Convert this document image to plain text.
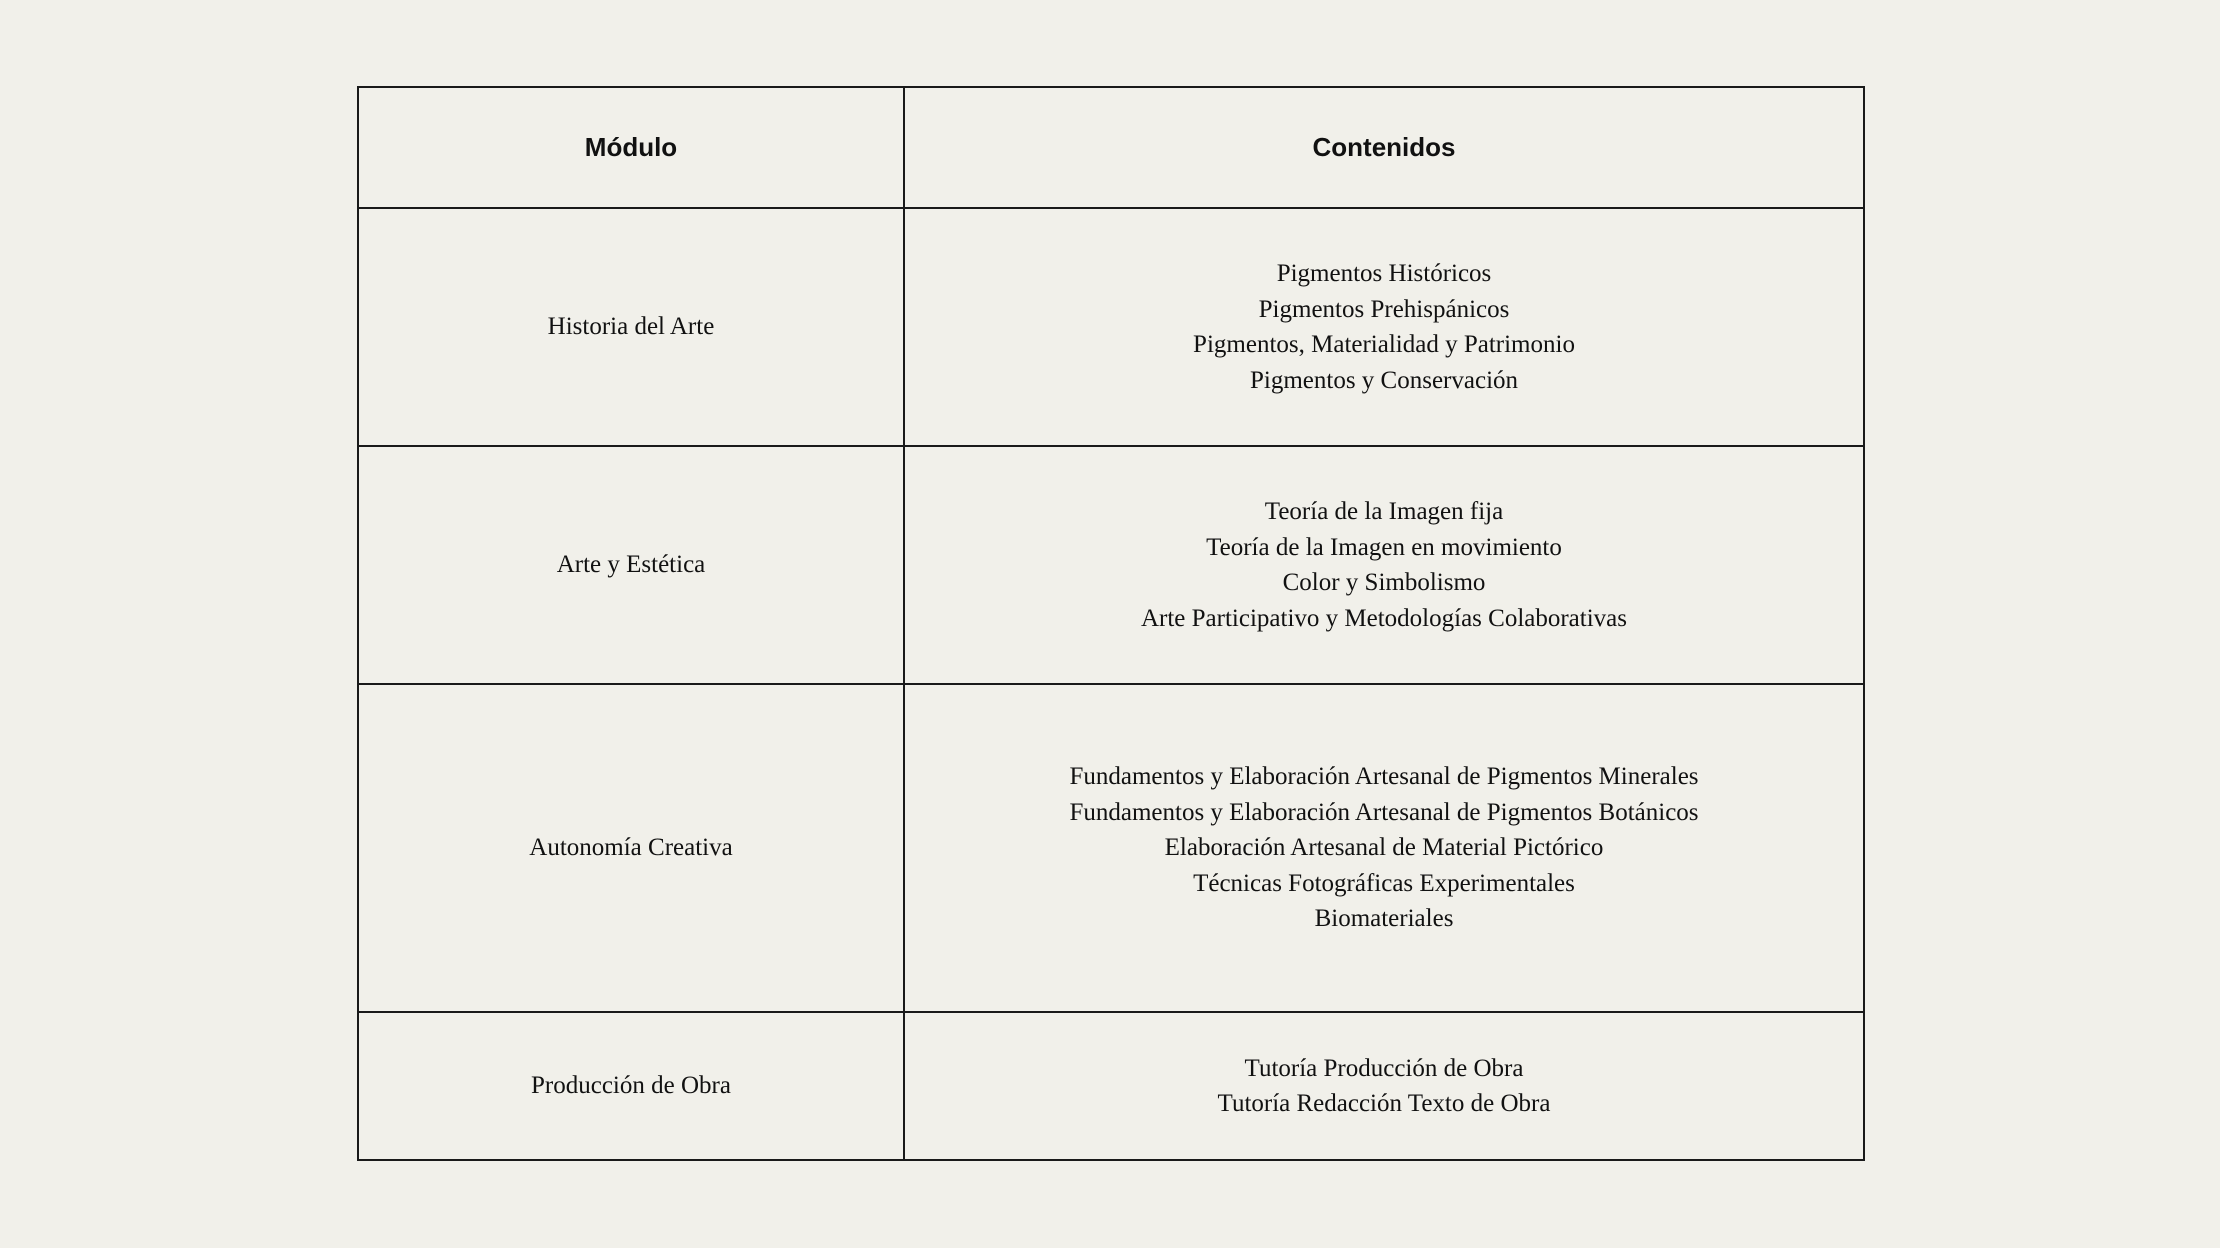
Módulo	Contenidos
Historia del Arte	Pigmentos Históricos
Pigmentos Prehispánicos
Pigmentos, Materialidad y Patrimonio
Pigmentos y Conservación

Arte y Estética	Teoría de la Imagen fija
Teoría de la Imagen en movimiento
Color y Simbolismo
Arte Participativo y Metodologías Colaborativas

Autonomía Creativa	Fundamentos y Elaboración Artesanal de Pigmentos Minerales
Fundamentos y Elaboración Artesanal de Pigmentos Botánicos
Elaboración Artesanal de Material Pictórico
Técnicas Fotográficas Experimentales
Biomateriales

Producción de Obra	Tutoría Producción de Obra
Tutoría Redacción Texto de Obra
